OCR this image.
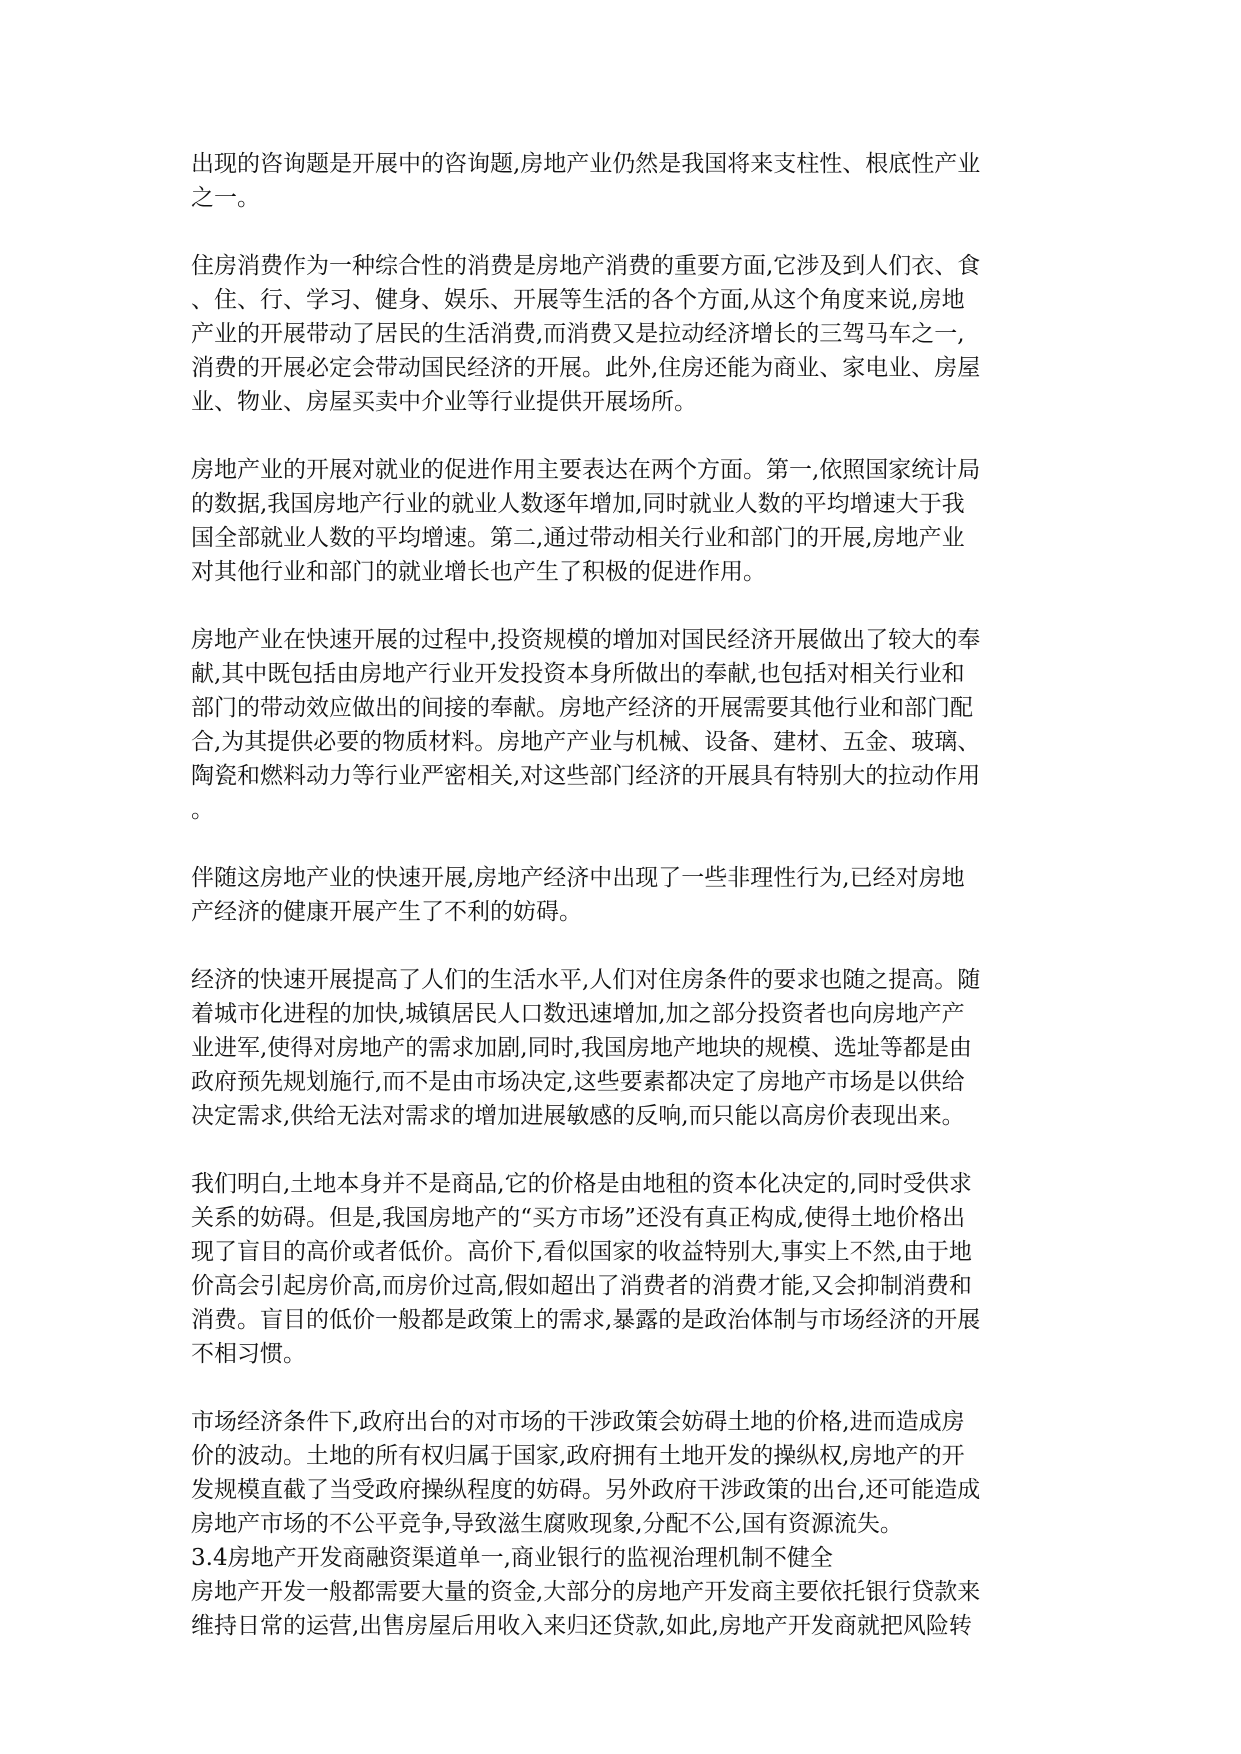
出现的咨询题是开展中的咨询题,房地产业仍然是我国将来支柱性、根底性产业
之一。

住房消费作为一种综合性的消费是房地产消费的重要方面,它涉及到人们衣、食
、住、行、学习、健身、娱乐、开展等生活的各个方面,从这个角度来说,房地
产业的开展带动了居民的生活消费,而消费又是拉动经济增长的三驾马车之一,
消费的开展必定会带动国民经济的开展。此外,住房还能为商业、家电业、房屋
业、物业、房屋买卖中介业等行业提供开展场所。

房地产业的开展对就业的促进作用主要表达在两个方面。第一,依照国家统计局
的数据,我国房地产行业的就业人数逐年增加,同时就业人数的平均增速大于我
国全部就业人数的平均增速。第二,通过带动相关行业和部门的开展,房地产业
对其他行业和部门的就业增长也产生了积极的促进作用。

房地产业在快速开展的过程中,投资规模的增加对国民经济开展做出了较大的奉
献,其中既包括由房地产行业开发投资本身所做出的奉献,也包括对相关行业和
部门的带动效应做出的间接的奉献。房地产经济的开展需要其他行业和部门配
合,为其提供必要的物质材料。房地产产业与机械、设备、建材、五金、玻璃、
陶瓷和燃料动力等行业严密相关,对这些部门经济的开展具有特别大的拉动作用
。

伴随这房地产业的快速开展,房地产经济中出现了一些非理性行为,已经对房地
产经济的健康开展产生了不利的妨碍。

经济的快速开展提高了人们的生活水平,人们对住房条件的要求也随之提高。随
着城市化进程的加快,城镇居民人口数迅速增加,加之部分投资者也向房地产产
业进军,使得对房地产的需求加剧,同时,我国房地产地块的规模、选址等都是由
政府预先规划施行,而不是由市场决定,这些要素都决定了房地产市场是以供给
决定需求,供给无法对需求的增加进展敏感的反响,而只能以高房价表现出来。

我们明白,土地本身并不是商品,它的价格是由地租的资本化决定的,同时受供求
关系的妨碍。但是,我国房地产的“买方市场”还没有真正构成,使得土地价格出
现了盲目的高价或者低价。高价下,看似国家的收益特别大,事实上不然,由于地
价高会引起房价高,而房价过高,假如超出了消费者的消费才能,又会抑制消费和
消费。盲目的低价一般都是政策上的需求,暴露的是政治体制与市场经济的开展
不相习惯。

市场经济条件下,政府出台的对市场的干涉政策会妨碍土地的价格,进而造成房
价的波动。土地的所有权归属于国家,政府拥有土地开发的操纵权,房地产的开
发规模直截了当受政府操纵程度的妨碍。另外政府干涉政策的出台,还可能造成
房地产市场的不公平竞争,导致滋生腐败现象,分配不公,国有资源流失。

3.4房地产开发商融资渠道单一,商业银行的监视治理机制不健全

房地产开发一般都需要大量的资金,大部分的房地产开发商主要依托银行贷款来
维持日常的运营,出售房屋后用收入来归还贷款,如此,房地产开发商就把风险转
